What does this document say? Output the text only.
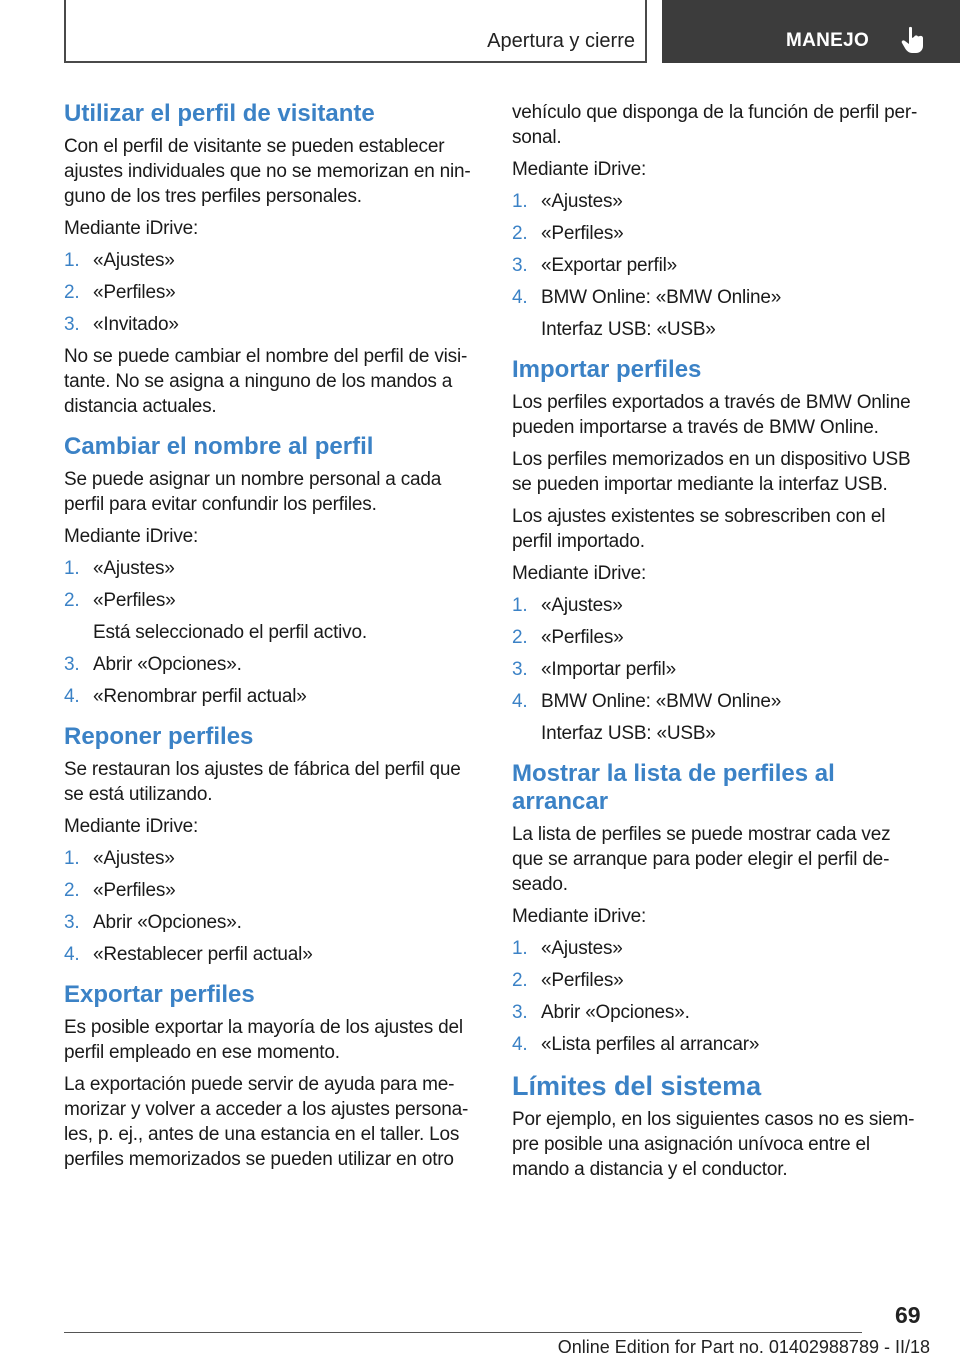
Apertura y cierre	MANEJO
Utilizar el perfil de visitante

Con el perfil de visitante se pueden establecer ajustes individuales que no se memorizan en ninguno de los tres perfiles personales.

Mediante iDrive:

1. «Ajustes»
2. «Perfiles»
3. «Invitado»

No se puede cambiar el nombre del perfil de visitante. No se asigna a ninguno de los mandos a distancia actuales.

Cambiar el nombre al perfil

Se puede asignar un nombre personal a cada perfil para evitar confundir los perfiles.

Mediante iDrive:

1. «Ajustes»
2. «Perfiles»
Está seleccionado el perfil activo.
3. Abrir «Opciones».
4. «Renombrar perfil actual»
Reponer perfiles

Se restauran los ajustes de fábrica del perfil que se está utilizando.

Mediante iDrive:

1. «Ajustes»
2. «Perfiles»
3. Abrir «Opciones».
4. «Restablecer perfil actual»
Exportar perfiles

Es posible exportar la mayoría de los ajustes del perfil empleado en ese momento.

La exportación puede servir de ayuda para memorizar y volver a acceder a los ajustes personales, p. ej., antes de una estancia en el taller. Los perfiles memorizados se pueden utilizar en otro

vehículo que disponga de la función de perfil personal.

Mediante iDrive:

1. «Ajustes»
2. «Perfiles»
3. «Exportar perfil»
4. BMW Online: «BMW Online»
Interfaz USB: «USB»
Importar perfiles

Los perfiles exportados a través de BMW Online pueden importarse a través de BMW Online.

Los perfiles memorizados en un dispositivo USB se pueden importar mediante la interfaz USB.

Los ajustes existentes se sobrescriben con el perfil importado.

Mediante iDrive:

1. «Ajustes»
2. «Perfiles»
3. «Importar perfil»
4. BMW Online: «BMW Online»
Interfaz USB: «USB»
Mostrar la lista de perfiles al arrancar

La lista de perfiles se puede mostrar cada vez que se arranque para poder elegir el perfil deseado.

Mediante iDrive:

1. «Ajustes»
2. «Perfiles»
3. Abrir «Opciones».
4. «Lista perfiles al arrancar»
Límites del sistema

Por ejemplo, en los siguientes casos no es siempre posible una asignación unívoca entre el mando a distancia y el conductor.

69
Online Edition for Part no. 01402988789 - II/18
